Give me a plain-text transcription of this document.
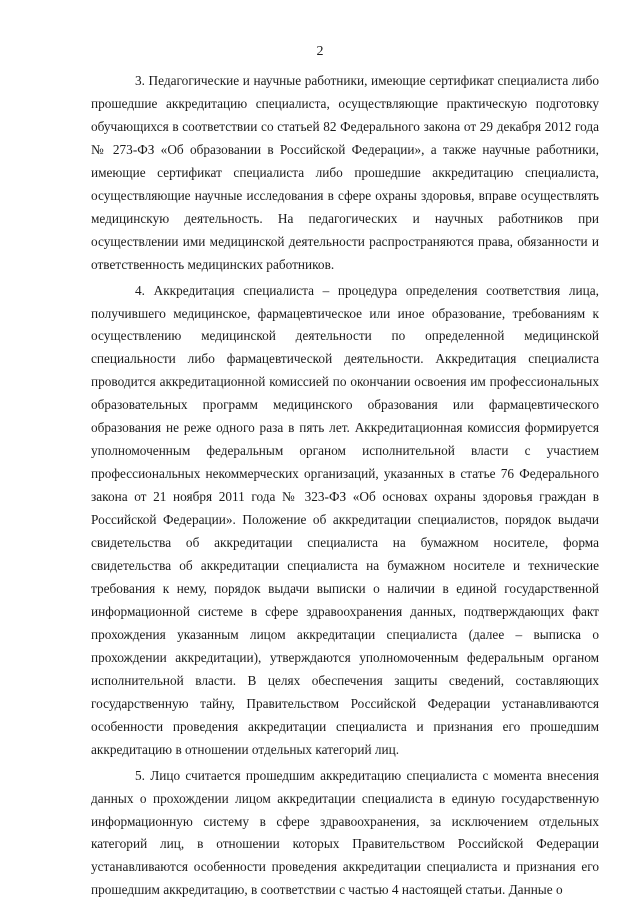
2

3. Педагогические и научные работники, имеющие сертификат специалиста либо прошедшие аккредитацию специалиста, осуществляющие практическую подготовку обучающихся в соответствии со статьей 82 Федерального закона от 29 декабря 2012 года № 273-ФЗ «Об образовании в Российской Федерации», а также научные работники, имеющие сертификат специалиста либо прошедшие аккредитацию специалиста, осуществляющие научные исследования в сфере охраны здоровья, вправе осуществлять медицинскую деятельность. На педагогических и научных работников при осуществлении ими медицинской деятельности распространяются права, обязанности и ответственность медицинских работников.

4. Аккредитация специалиста – процедура определения соответствия лица, получившего медицинское, фармацевтическое или иное образование, требованиям к осуществлению медицинской деятельности по определенной медицинской специальности либо фармацевтической деятельности. Аккредитация специалиста проводится аккредитационной комиссией по окончании освоения им профессиональных образовательных программ медицинского образования или фармацевтического образования не реже одного раза в пять лет. Аккредитационная комиссия формируется уполномоченным федеральным органом исполнительной власти с участием профессиональных некоммерческих организаций, указанных в статье 76 Федерального закона от 21 ноября 2011 года № 323-ФЗ «Об основах охраны здоровья граждан в Российской Федерации». Положение об аккредитации специалистов, порядок выдачи свидетельства об аккредитации специалиста на бумажном носителе, форма свидетельства об аккредитации специалиста на бумажном носителе и технические требования к нему, порядок выдачи выписки о наличии в единой государственной информационной системе в сфере здравоохранения данных, подтверждающих факт прохождения указанным лицом аккредитации специалиста (далее – выписка о прохождении аккредитации), утверждаются уполномоченным федеральным органом исполнительной власти. В целях обеспечения защиты сведений, составляющих государственную тайну, Правительством Российской Федерации устанавливаются особенности проведения аккредитации специалиста и признания его прошедшим аккредитацию в отношении отдельных категорий лиц.

5. Лицо считается прошедшим аккредитацию специалиста с момента внесения данных о прохождении лицом аккредитации специалиста в единую государственную информационную систему в сфере здравоохранения, за исключением отдельных категорий лиц, в отношении которых Правительством Российской Федерации устанавливаются особенности проведения аккредитации специалиста и признания его прошедшим аккредитацию, в соответствии с частью 4 настоящей статьи. Данные о
